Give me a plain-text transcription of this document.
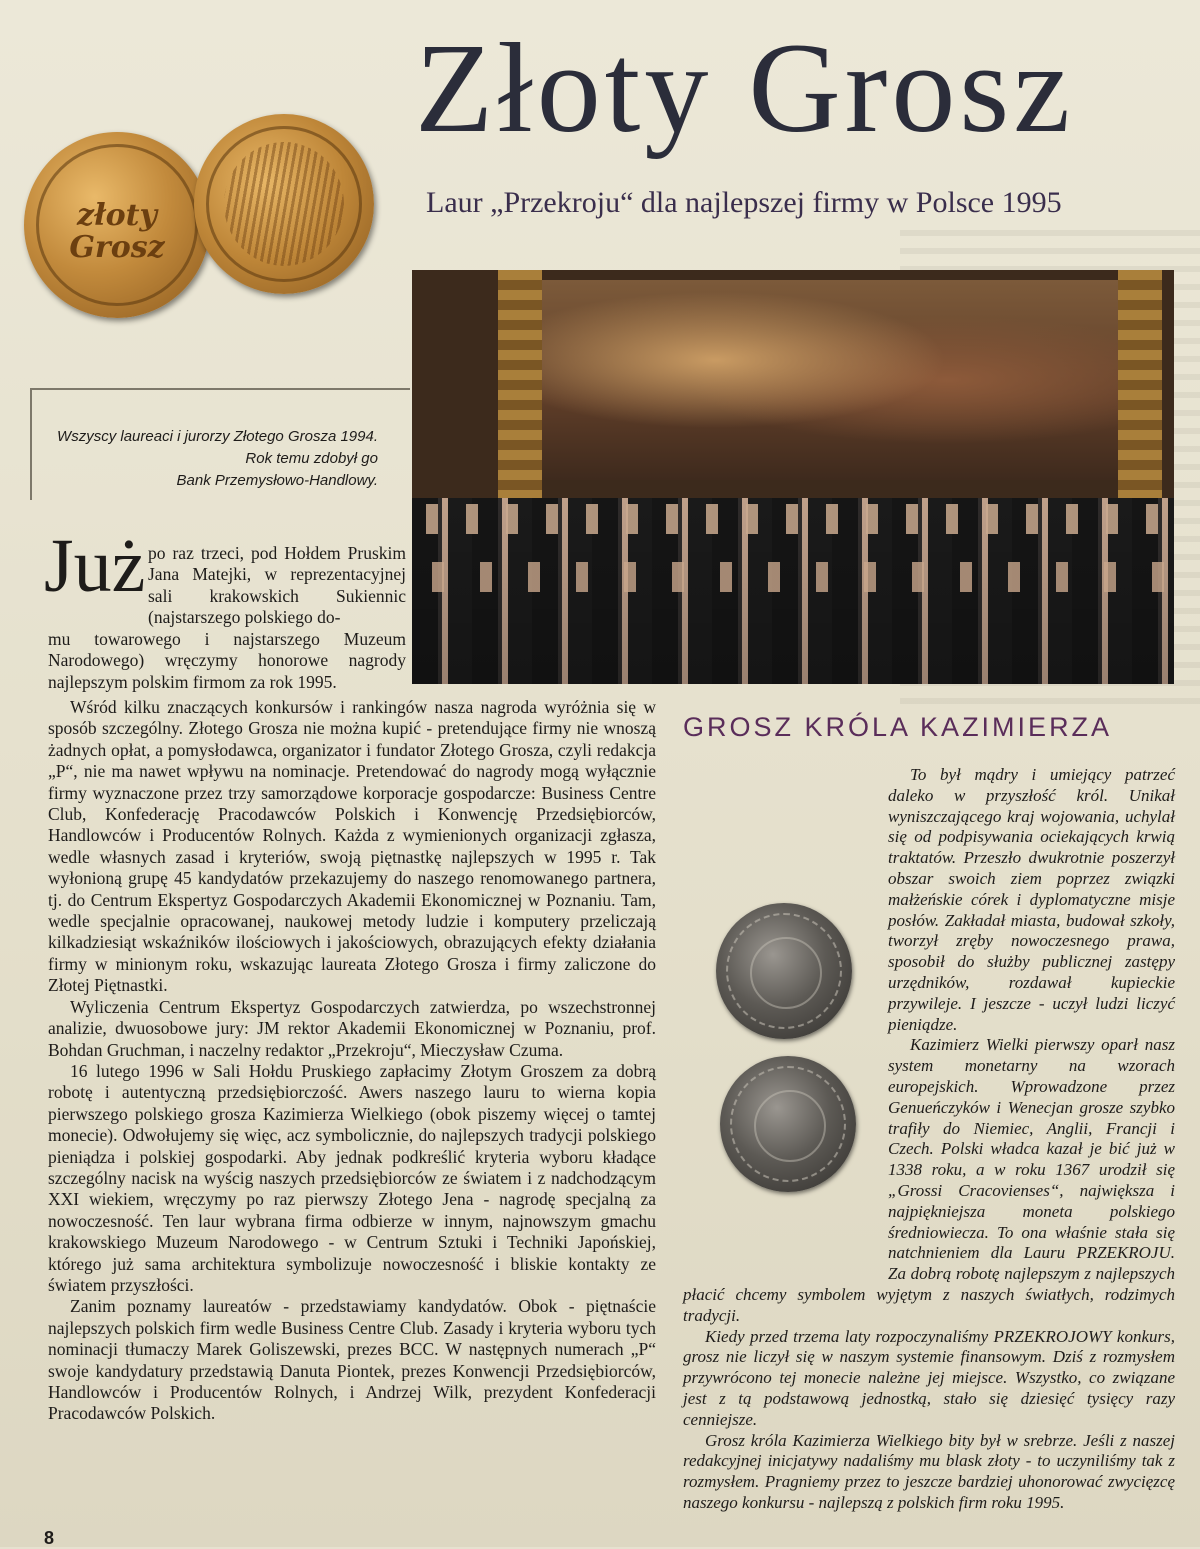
Złoty Grosz
Laur „Przekroju“ dla najlepszej firmy w Polsce 1995
złoty
Grosz
Wszyscy laureaci i jurorzy Złotego Grosza 1994.
Rok temu zdobył go
Bank Przemysłowo-Handlowy.
Już po raz trzeci, pod Hołdem Pruskim Jana Matejki, w reprezentacyjnej sali krakowskich Sukiennic (najstarszego polskiego do-
mu towarowego i najstarszego Muzeum Narodowego) wręczymy honorowe nagrody najlepszym polskim firmom za rok 1995.

Wśród kilku znaczących konkursów i rankingów nasza nagroda wyróżnia się w sposób szczególny. Złotego Grosza nie można kupić - pretendujące firmy nie wnoszą żadnych opłat, a pomysłodawca, organizator i fundator Złotego Grosza, czyli redakcja „P“, nie ma nawet wpływu na nominacje. Pretendować do nagrody mogą wyłącznie firmy wyznaczone przez trzy samorządowe korporacje gospodarcze: Business Centre Club, Konfederację Pracodawców Polskich i Konwencję Przedsiębiorców, Handlowców i Producentów Rolnych. Każda z wymienionych organizacji zgłasza, wedle własnych zasad i kryteriów, swoją piętnastkę najlepszych w 1995 r. Tak wyłonioną grupę 45 kandydatów przekazujemy do naszego renomowanego partnera, tj. do Centrum Ekspertyz Gospodarczych Akademii Ekonomicznej w Poznaniu. Tam, wedle specjalnie opracowanej, naukowej metody ludzie i komputery przeliczają kilkadziesiąt wskaźników ilościowych i jakościowych, obrazujących efekty działania firmy w minionym roku, wskazując laureata Złotego Grosza i firmy zaliczone do Złotej Piętnastki.

Wyliczenia Centrum Ekspertyz Gospodarczych zatwierdza, po wszechstronnej analizie, dwuosobowe jury: JM rektor Akademii Ekonomicznej w Poznaniu, prof. Bohdan Gruchman, i naczelny redaktor „Przekroju“, Mieczysław Czuma.

16 lutego 1996 w Sali Hołdu Pruskiego zapłacimy Złotym Groszem za dobrą robotę i autentyczną przedsiębiorczość. Awers naszego lauru to wierna kopia pierwszego polskiego grosza Kazimierza Wielkiego (obok piszemy więcej o tamtej monecie). Odwołujemy się więc, acz symbolicznie, do najlepszych tradycji polskiego pieniądza i polskiej gospodarki. Aby jednak podkreślić kryteria wyboru kładące szczególny nacisk na wyścig naszych przedsiębiorców ze światem i z nadchodzącym XXI wiekiem, wręczymy po raz pierwszy Złotego Jena - nagrodę specjalną za nowoczesność. Ten laur wybrana firma odbierze w innym, najnowszym gmachu krakowskiego Muzeum Narodowego - w Centrum Sztuki i Techniki Japońskiej, którego już sama architektura symbolizuje nowoczesność i bliskie kontakty ze światem przyszłości.

Zanim poznamy laureatów - przedstawiamy kandydatów. Obok - piętnaście najlepszych polskich firm wedle Business Centre Club. Zasady i kryteria wyboru tych nominacji tłumaczy Marek Goliszewski, prezes BCC. W następnych numerach „P“ swoje kandydatury przedstawią Danuta Piontek, prezes Konwencji Przedsiębiorców, Handlowców i Producentów Rolnych, i Andrzej Wilk, prezydent Konfederacji Pracodawców Polskich.

GROSZ KRÓLA KAZIMIERZA

To był mądry i umiejący patrzeć daleko w przyszłość król. Unikał wyniszczającego kraj wojowania, uchylał się od podpisywania ociekających krwią traktatów. Przeszło dwukrotnie poszerzył obszar swoich ziem poprzez związki małżeńskie córek i dyplomatyczne misje posłów. Zakładał miasta, budował szkoły, tworzył zręby nowoczesnego prawa, sposobił do służby publicznej zastępy urzędników, rozdawał kupieckie przywileje. I jeszcze - uczył ludzi liczyć pieniądze.

Kazimierz Wielki pierwszy oparł nasz system monetarny na wzorach europejskich. Wprowadzone przez Genueńczyków i Wenecjan grosze szybko trafiły do Niemiec, Anglii, Francji i Czech. Polski władca kazał je bić już w 1338 roku, a w roku 1367 urodził się „Grossi Cracovienses“, największa i najpiękniejsza moneta polskiego średniowiecza. To ona właśnie stała się natchnieniem dla Lauru PRZEKROJU. Za dobrą robotę najlepszym z najlepszych płacić chcemy symbolem wyjętym z naszych światłych, rodzimych tradycji.

Kiedy przed trzema laty rozpoczynaliśmy PRZEKROJOWY konkurs, grosz nie liczył się w naszym systemie finansowym. Dziś z rozmysłem przywrócono tej monecie należne jej miejsce. Wszystko, co związane jest z tą podstawową jednostką, stało się dziesięć tysięcy razy cenniejsze.

Grosz króla Kazimierza Wielkiego bity był w srebrze. Jeśli z naszej redakcyjnej inicjatywy nadaliśmy mu blask złoty - to uczyniliśmy tak z rozmysłem. Pragniemy przez to jeszcze bardziej uhonorować zwycięzcę naszego konkursu - najlepszą z polskich firm roku 1995.

8
